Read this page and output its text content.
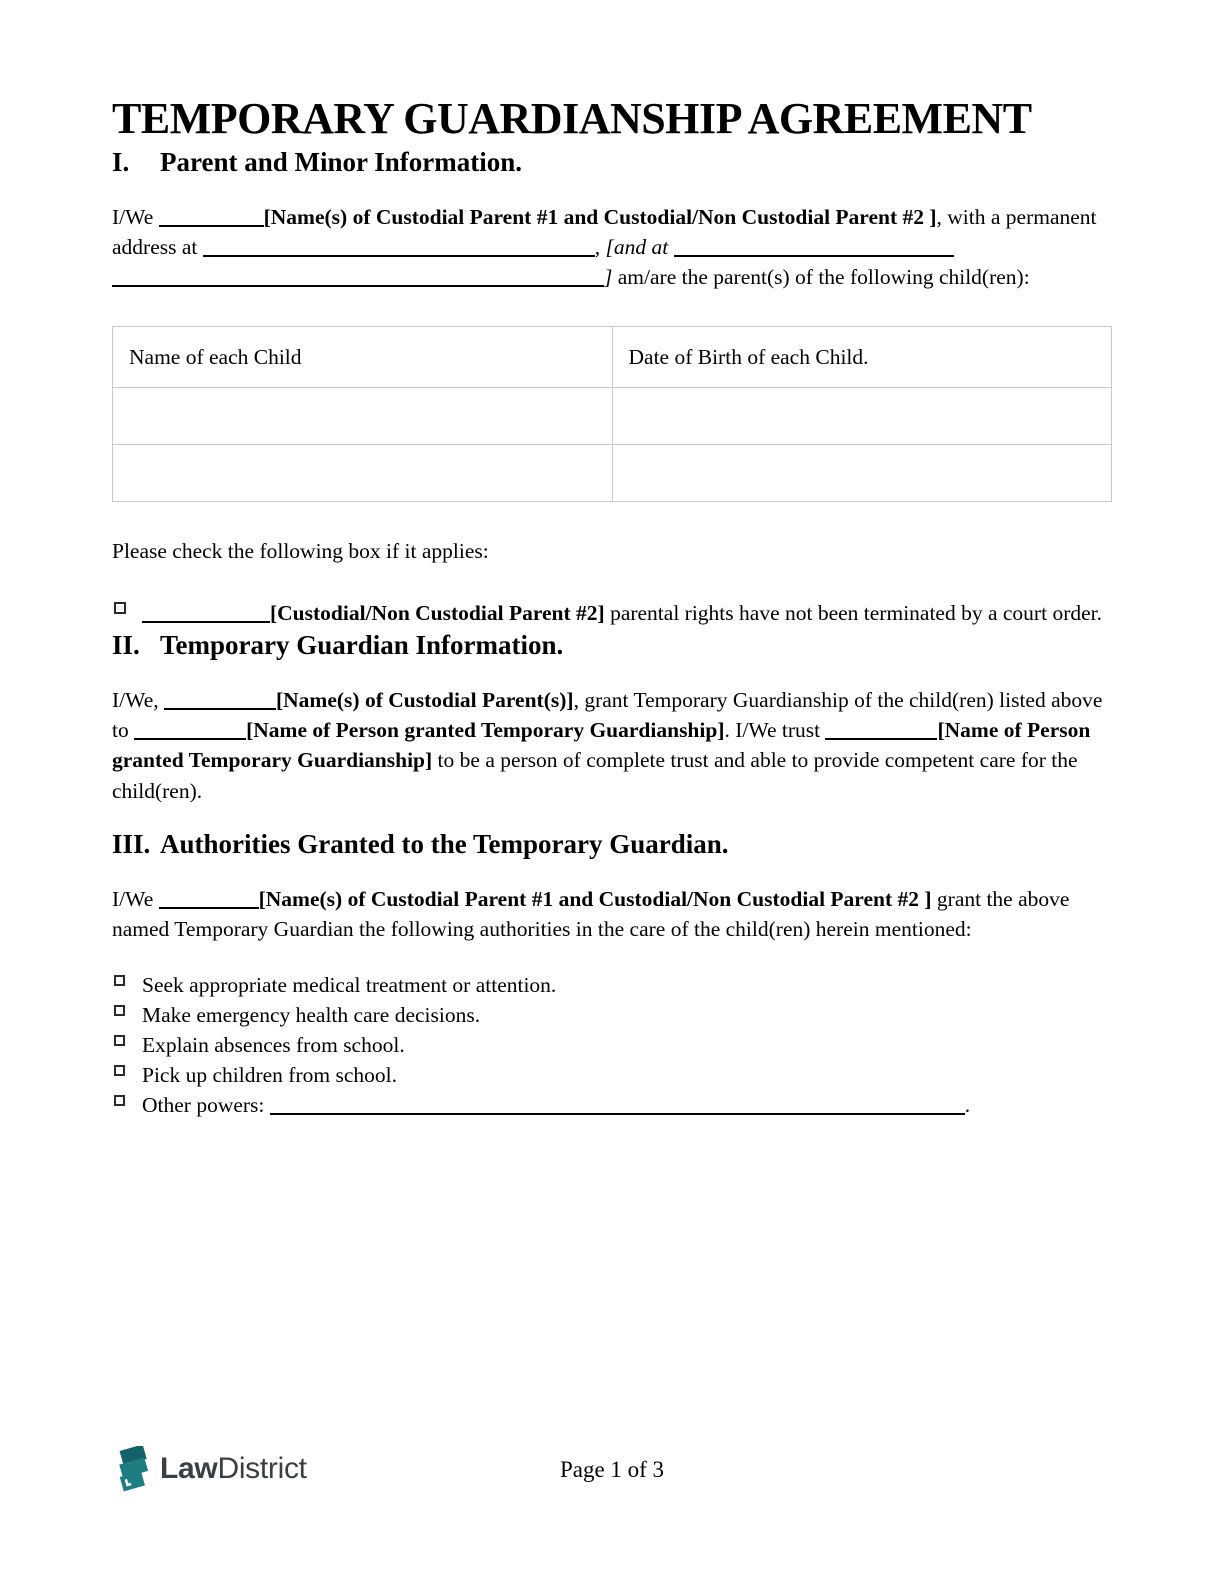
TEMPORARY GUARDIANSHIP AGREEMENT
I.	Parent and Minor Information.

I/We	[Name(s) of Custodial Parent #1 and Custodial/Non Custodial Parent #2 ], with a permanent address at	, [and at  ] am/are the parent(s) of the following child(ren):

Name of each Child	Date of Birth of each Child.

Please check the following box if it applies:

[Custodial/Non Custodial Parent #2] parental rights have not been terminated by a court order.
II. Temporary Guardian Information.

I/We,	[Name(s) of Custodial Parent(s)], grant Temporary Guardianship of the child(ren) listed above to	[Name of Person granted Temporary Guardianship]. I/We trust	[Name of Person granted Temporary Guardianship] to be a person of complete trust and able to provide competent care for the child(ren).

III. Authorities Granted to the Temporary Guardian.

I/We	[Name(s) of Custodial Parent #1 and Custodial/Non Custodial Parent #2 ] grant the above named Temporary Guardian the following authorities in the care of the child(ren) herein mentioned:

Seek appropriate medical treatment or attention.
Make emergency health care decisions.
Explain absences from school.
Pick up children from school.
Other powers:	.
LawDistrict	Page 1 of 3
